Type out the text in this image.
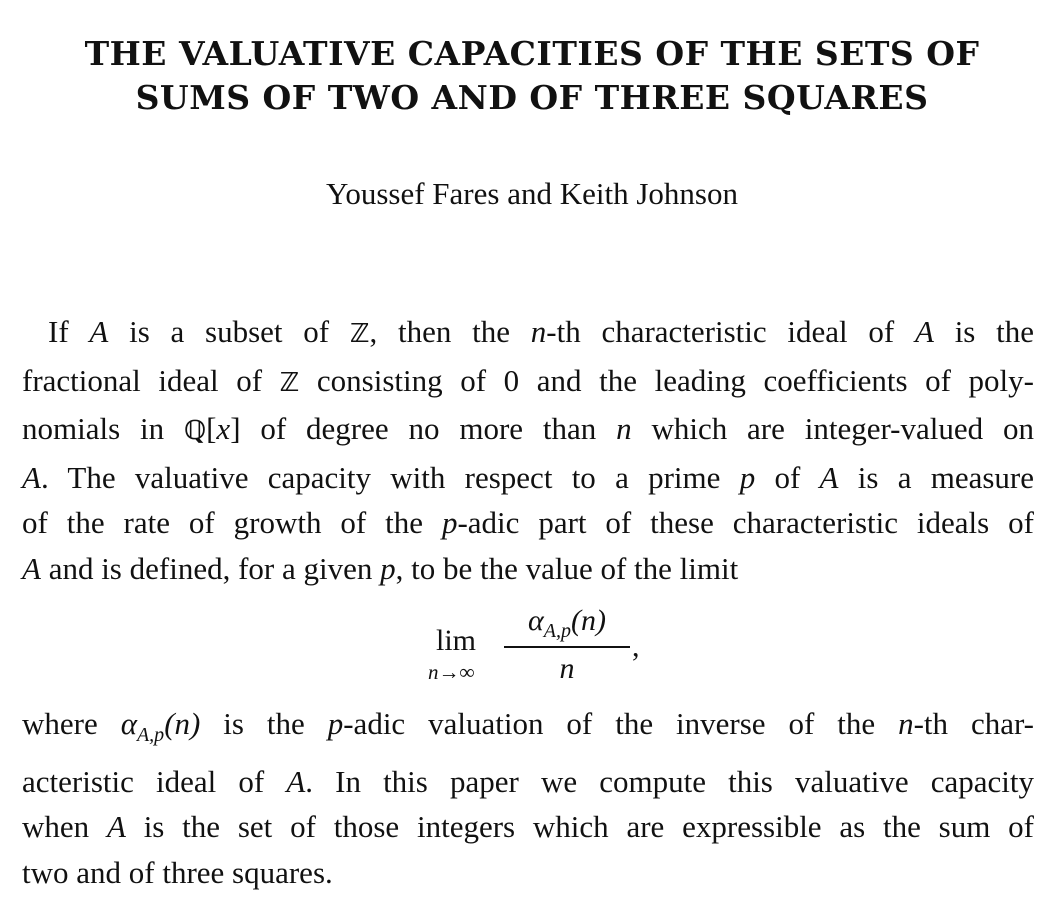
THE VALUATIVE CAPACITIES OF THE SETS OF
SUMS OF TWO AND OF THREE SQUARES
Youssef Fares and Keith Johnson
If A is a subset of ℤ, then the n-th characteristic ideal of A is the
fractional ideal of ℤ consisting of 0 and the leading coefficients of poly-
nomials in ℚ[x] of degree no more than n which are integer-valued on
A. The valuative capacity with respect to a prime p of A is a measure
of the rate of growth of the p-adic part of these characteristic ideals of
A and is defined, for a given p, to be the value of the limit
lim
n→∞
$\alpha_{A,p}(n)$
n
,
where $\alpha_{A,p}(n)$ is the p-adic valuation of the inverse of the n-th char-
acteristic ideal of A. In this paper we compute this valuative capacity
when A is the set of those integers which are expressible as the sum of
two and of three squares.
